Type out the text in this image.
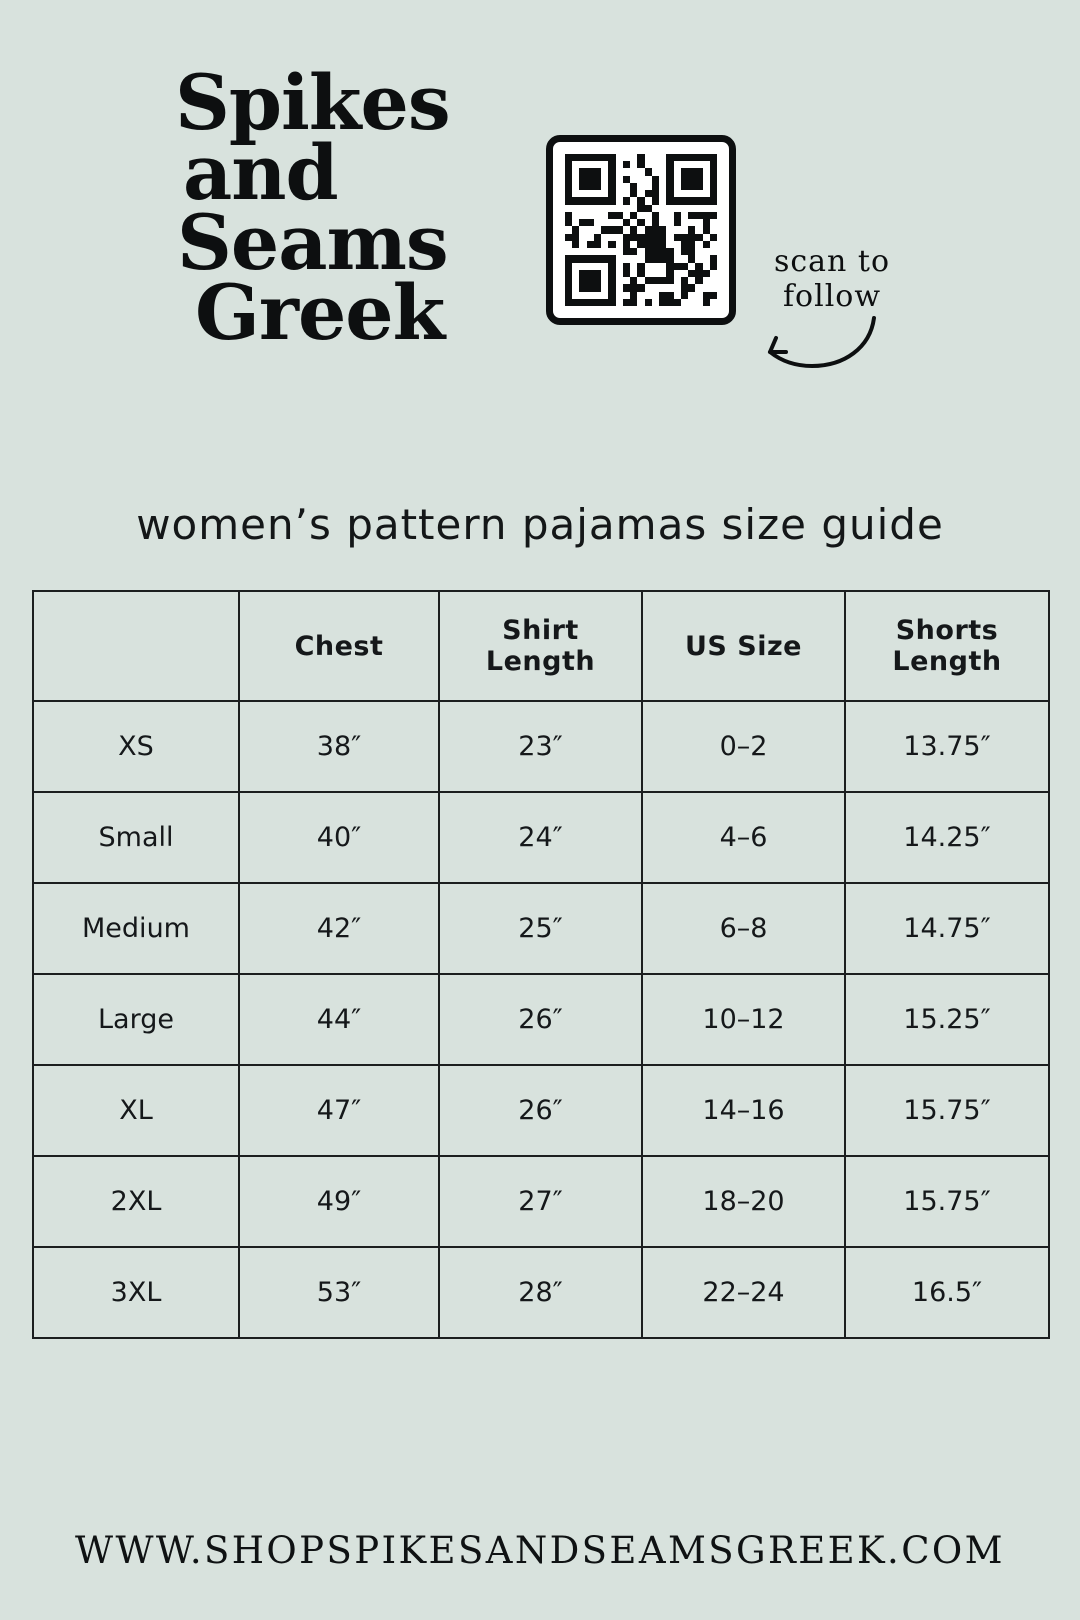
Spikes
and
Seams
Greek
scan to
follow
women’s pattern pajamas size guide
	Chest	Shirt Length	US Size	Shorts Length
XS	38″	23″	0–2	13.75″
Small	40″	24″	4–6	14.25″
Medium	42″	25″	6–8	14.75″
Large	44″	26″	10–12	15.25″
XL	47″	26″	14–16	15.75″
2XL	49″	27″	18–20	15.75″
3XL	53″	28″	22–24	16.5″
WWW.SHOPSPIKESANDSEAMSGREEK.COM
